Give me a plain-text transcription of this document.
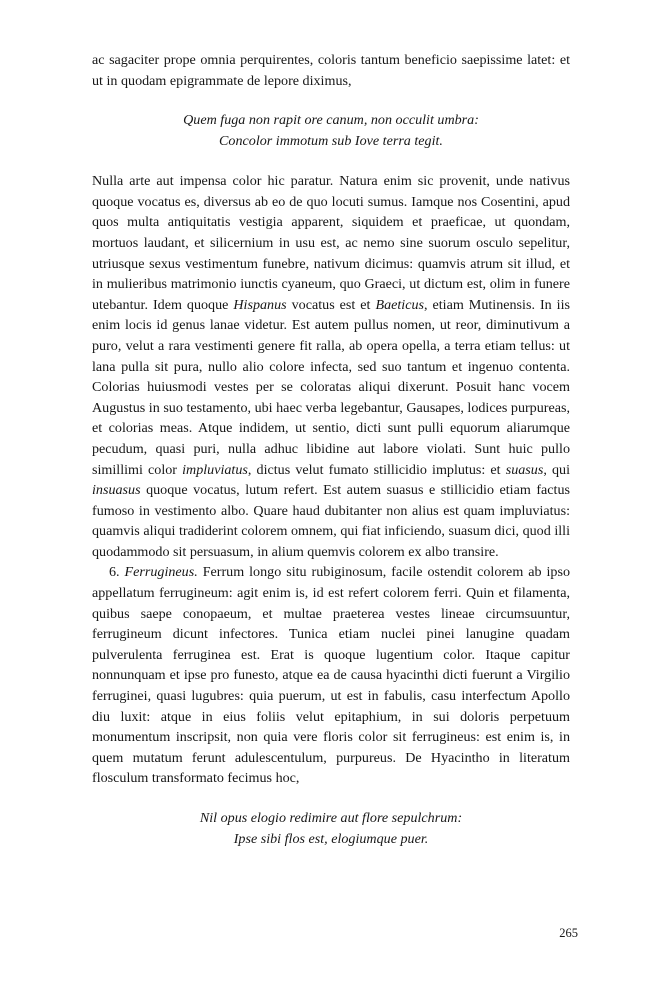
ac sagaciter prope omnia perquirentes, coloris tantum beneficio saepissime latet: et ut in quodam epigrammate de lepore diximus,

Quem fuga non rapit ore canum, non occulit umbra:
Concolor immotum sub Iove terra tegit.

Nulla arte aut impensa color hic paratur. Natura enim sic provenit, unde nativus quoque vocatus es, diversus ab eo de quo locuti sumus. Iamque nos Cosentini, apud quos multa antiquitatis vestigia apparent, siquidem et praeficae, ut quondam, mortuos laudant, et silicernium in usu est, ac nemo sine suorum osculo sepelitur, utriusque sexus vestimentum funebre, nativum dicimus: quamvis atrum sit illud, et in mulieribus matrimonio iunctis cyaneum, quo Graeci, ut dictum est, olim in funere utebantur. Idem quoque Hispanus vocatus est et Baeticus, etiam Mutinensis. In iis enim locis id genus lanae videtur. Est autem pullus nomen, ut reor, diminutivum a puro, velut a rara vestimenti genere fit ralla, ab opera opella, a terra etiam tellus: ut lana pulla sit pura, nullo alio colore infecta, sed suo tantum et ingenuo contenta. Colorias huiusmodi vestes per se coloratas aliqui dixerunt. Posuit hanc vocem Augustus in suo testamento, ubi haec verba legebantur, Gausapes, lodices purpureas, et colorias meas. Atque indidem, ut sentio, dicti sunt pulli equorum aliarumque pecudum, quasi puri, nulla adhuc libidine aut labore violati. Sunt huic pullo simillimi color impluviatus, dictus velut fumato stillicidio implutus: et suasus, qui insuasus quoque vocatus, lutum refert. Est autem suasus e stillicidio etiam factus fumoso in vestimento albo. Quare haud dubitanter non alius est quam impluviatus: quamvis aliqui tradiderint colorem omnem, qui fiat inficiendo, suasum dici, quod illi quodammodo sit persuasum, in alium quemvis colorem ex albo transire.

6. Ferrugineus. Ferrum longo situ rubiginosum, facile ostendit colorem ab ipso appellatum ferrugineum: agit enim is, id est refert colorem ferri. Quin et filamenta, quibus saepe conopaeum, et multae praeterea vestes lineae circumsuuntur, ferrugineum dicunt infectores. Tunica etiam nuclei pinei lanugine quadam pulverulenta ferruginea est. Erat is quoque lugentium color. Itaque capitur nonnunquam et ipse pro funesto, atque ea de causa hyacinthi dicti fuerunt a Virgilio ferruginei, quasi lugubres: quia puerum, ut est in fabulis, casu interfectum Apollo diu luxit: atque in eius foliis velut epitaphium, in sui doloris perpetuum monumentum inscripsit, non quia vere floris color sit ferrugineus: est enim is, in quem mutatum ferunt adulescentulum, purpureus. De Hyacintho in literatum flosculum transformato fecimus hoc,

Nil opus elogio redimire aut flore sepulchrum:
Ipse sibi flos est, elogiumque puer.
265
